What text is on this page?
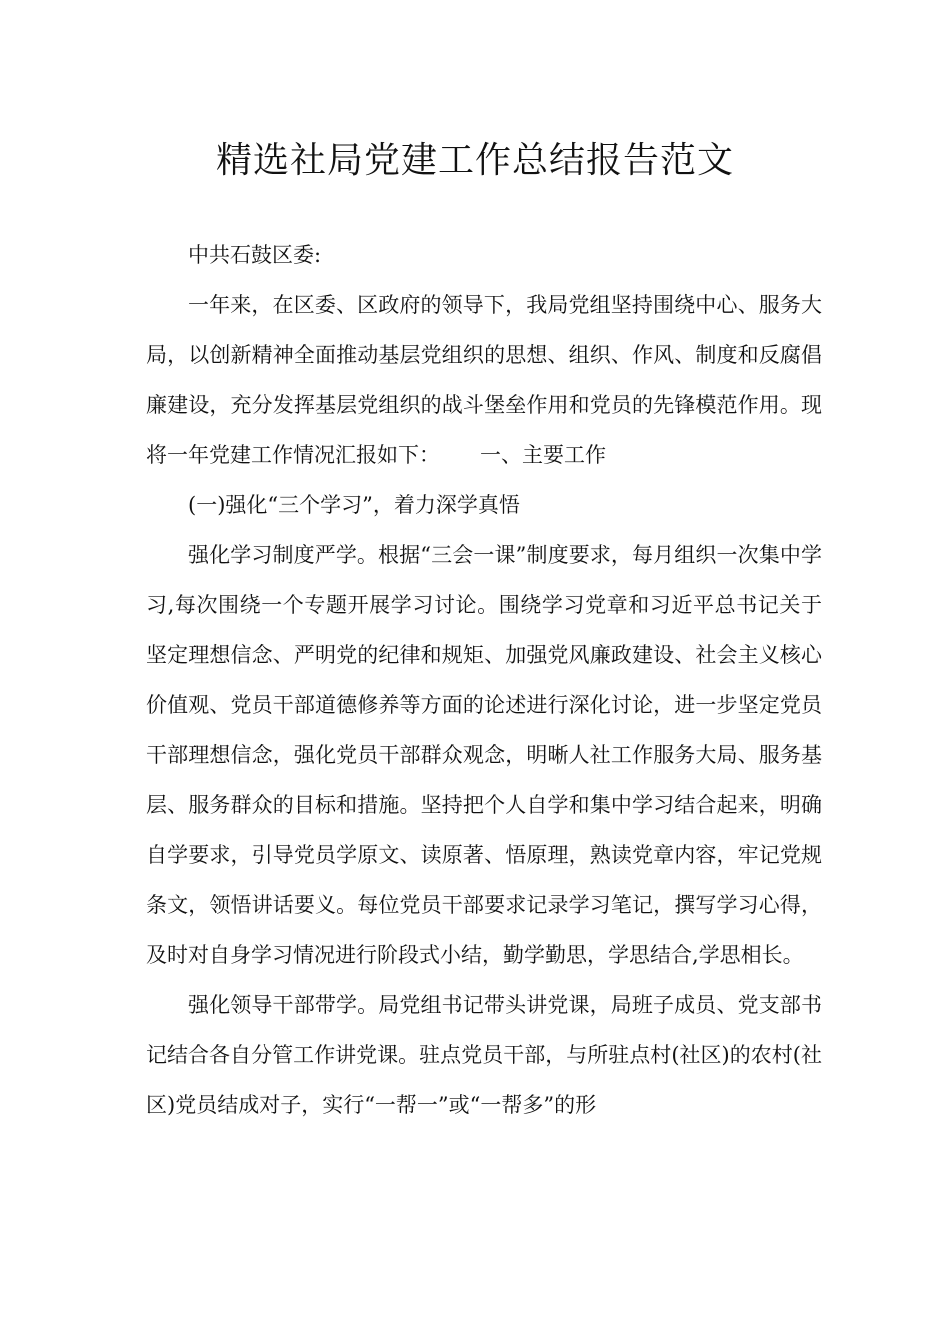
精选社局党建工作总结报告范文

中共石鼓区委:

一年来，在区委、区政府的领导下，我局党组坚持围绕中心、服务大局，以创新精神全面推动基层党组织的思想、组织、作风、制度和反腐倡廉建设，充分发挥基层党组织的战斗堡垒作用和党员的先锋模范作用。现将一年党建工作情况汇报如下： 一、主要工作

(一)强化“三个学习”，着力深学真悟

强化学习制度严学。根据“三会一课”制度要求，每月组织一次集中学习,每次围绕一个专题开展学习讨论。围绕学习党章和习近平总书记关于坚定理想信念、严明党的纪律和规矩、加强党风廉政建设、社会主义核心价值观、党员干部道德修养等方面的论述进行深化讨论，进一步坚定党员干部理想信念，强化党员干部群众观念，明晰人社工作服务大局、服务基层、服务群众的目标和措施。坚持把个人自学和集中学习结合起来，明确自学要求，引导党员学原文、读原著、悟原理，熟读党章内容，牢记党规条文，领悟讲话要义。每位党员干部要求记录学习笔记，撰写学习心得，及时对自身学习情况进行阶段式小结，勤学勤思，学思结合,学思相长。

强化领导干部带学。局党组书记带头讲党课，局班子成员、党支部书记结合各自分管工作讲党课。驻点党员干部，与所驻点村(社区)的农村(社区)党员结成对子，实行“一帮一”或“一帮多”的形
